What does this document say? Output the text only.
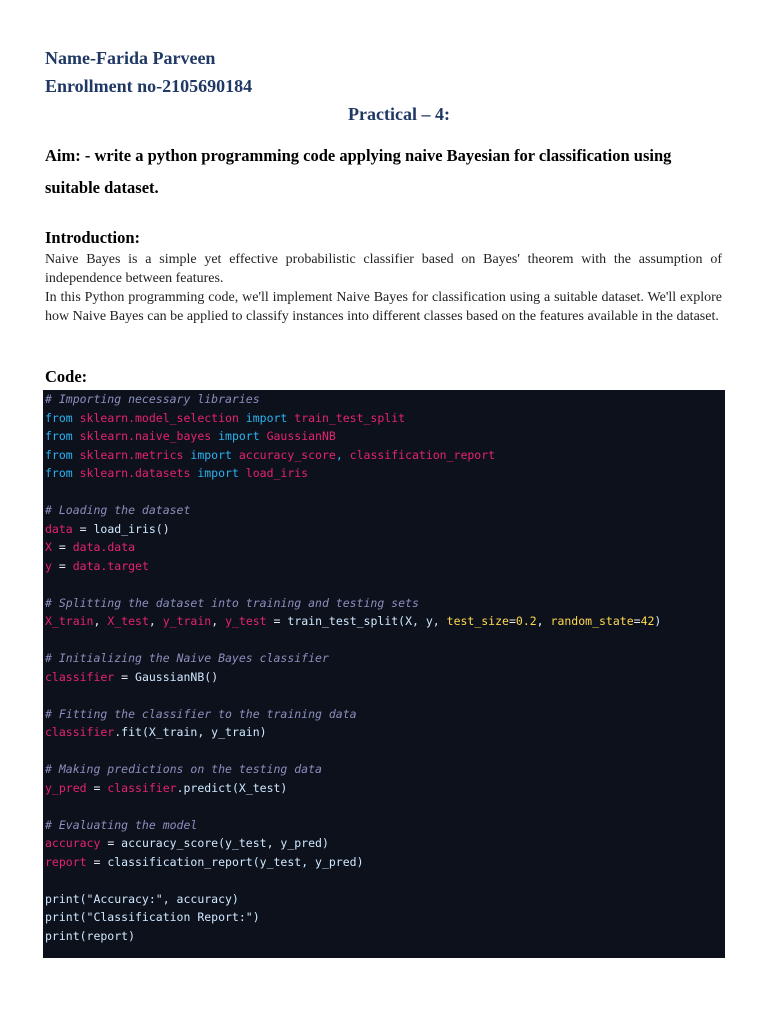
Name-Farida Parveen
Enrollment no-2105690184
Practical – 4:
Aim: - write a python programming code applying naive Bayesian for classification using suitable dataset.
Introduction:

Naive Bayes is a simple yet effective probabilistic classifier based on Bayes' theorem with the assumption of independence between features.

In this Python programming code, we'll implement Naive Bayes for classification using a suitable dataset. We'll explore how Naive Bayes can be applied to classify instances into different classes based on the features available in the dataset.

Code:
# Importing necessary libraries
from sklearn.model_selection import train_test_split
from sklearn.naive_bayes import GaussianNB
from sklearn.metrics import accuracy_score, classification_report
from sklearn.datasets import load_iris
# Loading the dataset
data = load_iris()
X = data.data
y = data.target
# Splitting the dataset into training and testing sets
X_train, X_test, y_train, y_test = train_test_split(X, y, test_size=0.2, random_state=42)
# Initializing the Naive Bayes classifier
classifier = GaussianNB()
# Fitting the classifier to the training data
classifier.fit(X_train, y_train)
# Making predictions on the testing data
y_pred = classifier.predict(X_test)
# Evaluating the model
accuracy = accuracy_score(y_test, y_pred)
report = classification_report(y_test, y_pred)
print("Accuracy:", accuracy)
print("Classification Report:")
print(report)
